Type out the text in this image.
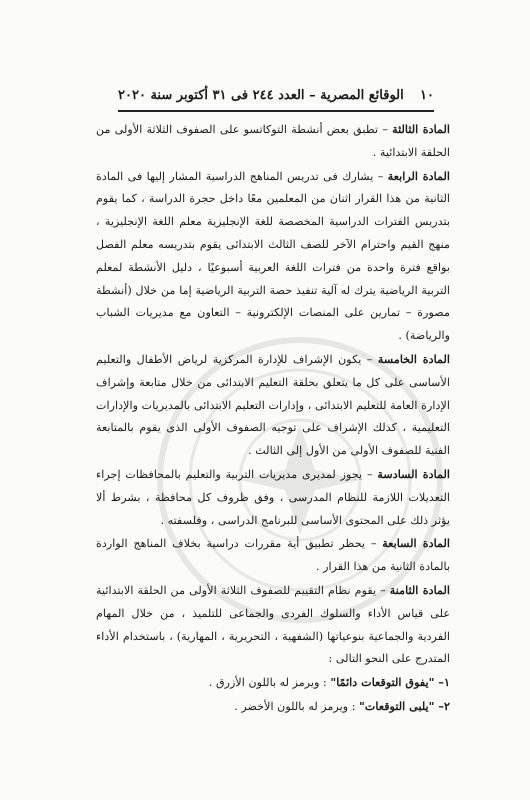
١٠
الوقائع المصرية – العدد ٢٤٤ فى ٣١ أكتوبر سنة ٢٠٢٠

المادة الثالثة – تطبق بعض أنشطة التوكاتسو على الصفوف الثلاثة الأولى من الحلقة الابتدائية .

المادة الرابعة – يشارك فى تدريس المناهج الدراسية المشار إليها فى المادة الثانية من هذا القرار اثنان من المعلمين معًا داخل حجرة الدراسة ، كما يقوم بتدريس الفترات الدراسية المخصصة للغة الإنجليزية معلم اللغة الإنجليزية ، منهج القيم واحترام الآخر للصف الثالث الابتدائى يقوم بتدريسه معلم الفصل بواقع فترة واحدة من فترات اللغة العربية أسبوعيًا ، دليل الأنشطة لمعلم التربية الرياضية يترك له آلية تنفيذ حصة التربية الرياضية إما من خلال (أنشطة مصورة – تمارين على المنصات الإلكترونية – التعاون مع مديريات الشباب والرياضة) .

المادة الخامسة – يكون الإشراف للإدارة المركزية لرياض الأطفال والتعليم الأساسى على كل ما يتعلق بحلقة التعليم الابتدائى من خلال متابعة وإشراف الإدارة العامة للتعليم الابتدائى ، وإدارات التعليم الابتدائى بالمديريات والإدارات التعليمية ، كذلك الإشراف على توجيه الصفوف الأولى الذى يقوم بالمتابعة الفنية للصفوف الأولى من الأول إلى الثالث .

المادة السادسة – يجوز لمديرى مديريات التربية والتعليم بالمحافظات إجراء التعديلات اللازمة للنظام المدرسى ، وفق ظروف كل محافظة ، بشرط ألا يؤثر ذلك على المحتوى الأساسى للبرنامج الدراسى ، وفلسفته .

المادة السابعة – يحظر تطبيق أية مقررات دراسية بخلاف المناهج الواردة بالمادة الثانية من هذا القرار .

المادة الثامنة – يقوم نظام التقييم للصفوف الثلاثة الأولى من الحلقة الابتدائية على قياس الأداء والسلوك الفردى والجماعى للتلميذ ، من خلال المهام الفردية والجماعية بنوعياتها (الشفهية ، التحريرية ، المهارية) ، باستخدام الأداء المتدرج على النحو التالى :

١– "يفوق التوقعات دائمًا" : ويرمز له باللون الأزرق .

٢– "يلبى التوقعات" : ويرمز له باللون الأخضر .
